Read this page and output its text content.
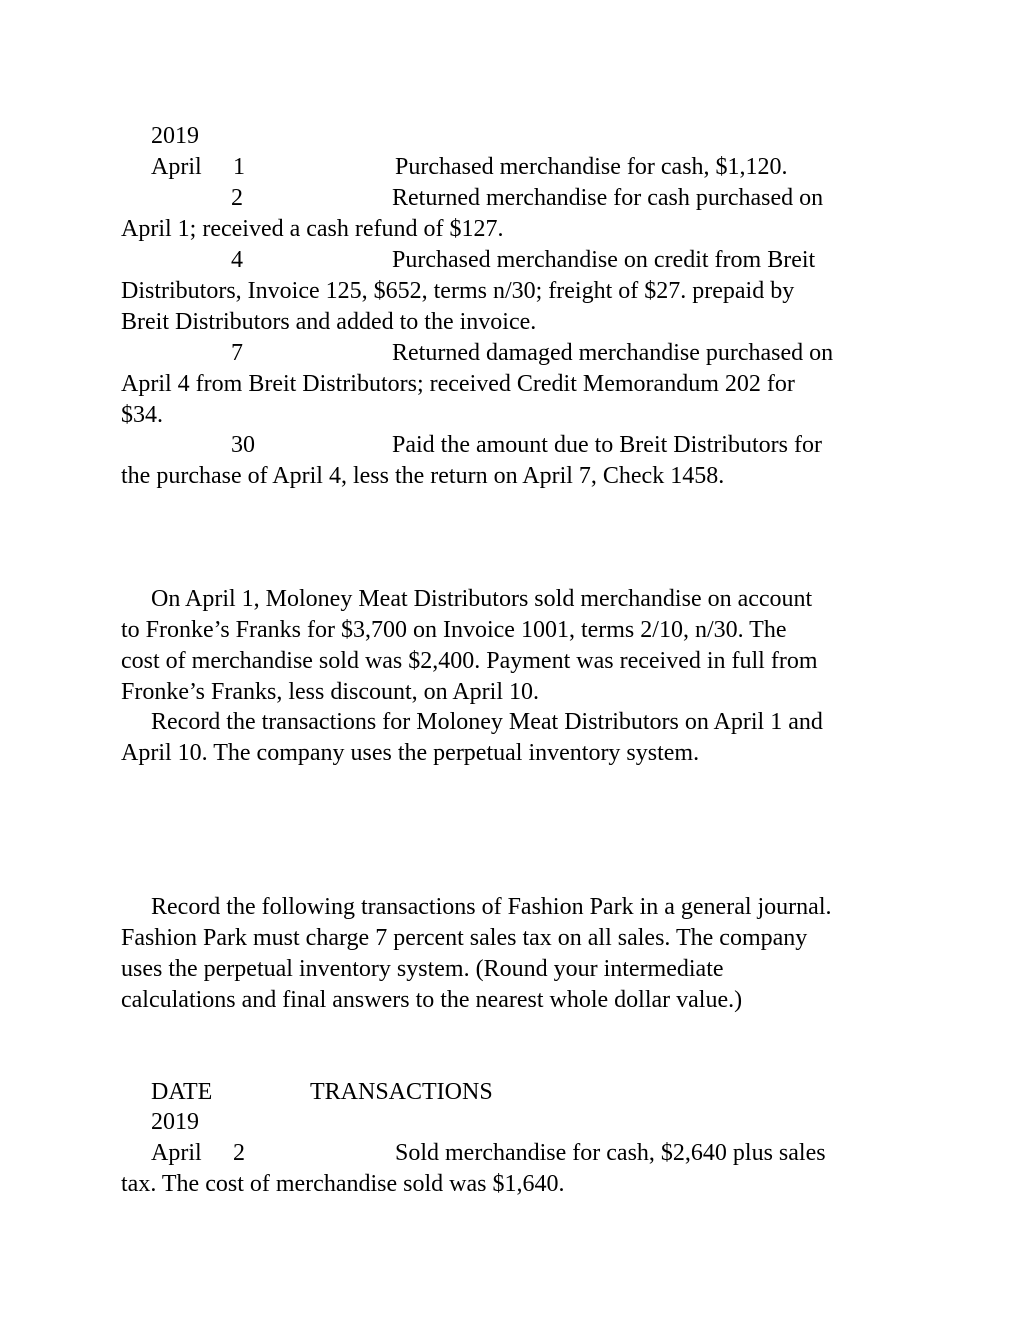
2019
April 1	Purchased merchandise for cash, $1,120.
2	Returned merchandise for cash purchased on
April 1; received a cash refund of $127.
4	Purchased merchandise on credit from Breit
Distributors, Invoice 125, $652, terms n/30; freight of $27. prepaid by
Breit Distributors and added to the invoice.
7	Returned damaged merchandise purchased on
April 4 from Breit Distributors; received Credit Memorandum 202 for
$34.
30	Paid the amount due to Breit Distributors for
the purchase of April 4, less the return on April 7, Check 1458.
On April 1, Moloney Meat Distributors sold merchandise on account
to Fronke’s Franks for $3,700 on Invoice 1001, terms 2/10, n/30. The
cost of merchandise sold was $2,400. Payment was received in full from
Fronke’s Franks, less discount, on April 10.
Record the transactions for Moloney Meat Distributors on April 1 and
April 10. The company uses the perpetual inventory system.
Record the following transactions of Fashion Park in a general journal.
Fashion Park must charge 7 percent sales tax on all sales. The company
uses the perpetual inventory system. (Round your intermediate
calculations and final answers to the nearest whole dollar value.)
DATE	TRANSACTIONS
2019
April 2	Sold merchandise for cash, $2,640 plus sales
tax. The cost of merchandise sold was $1,640.
